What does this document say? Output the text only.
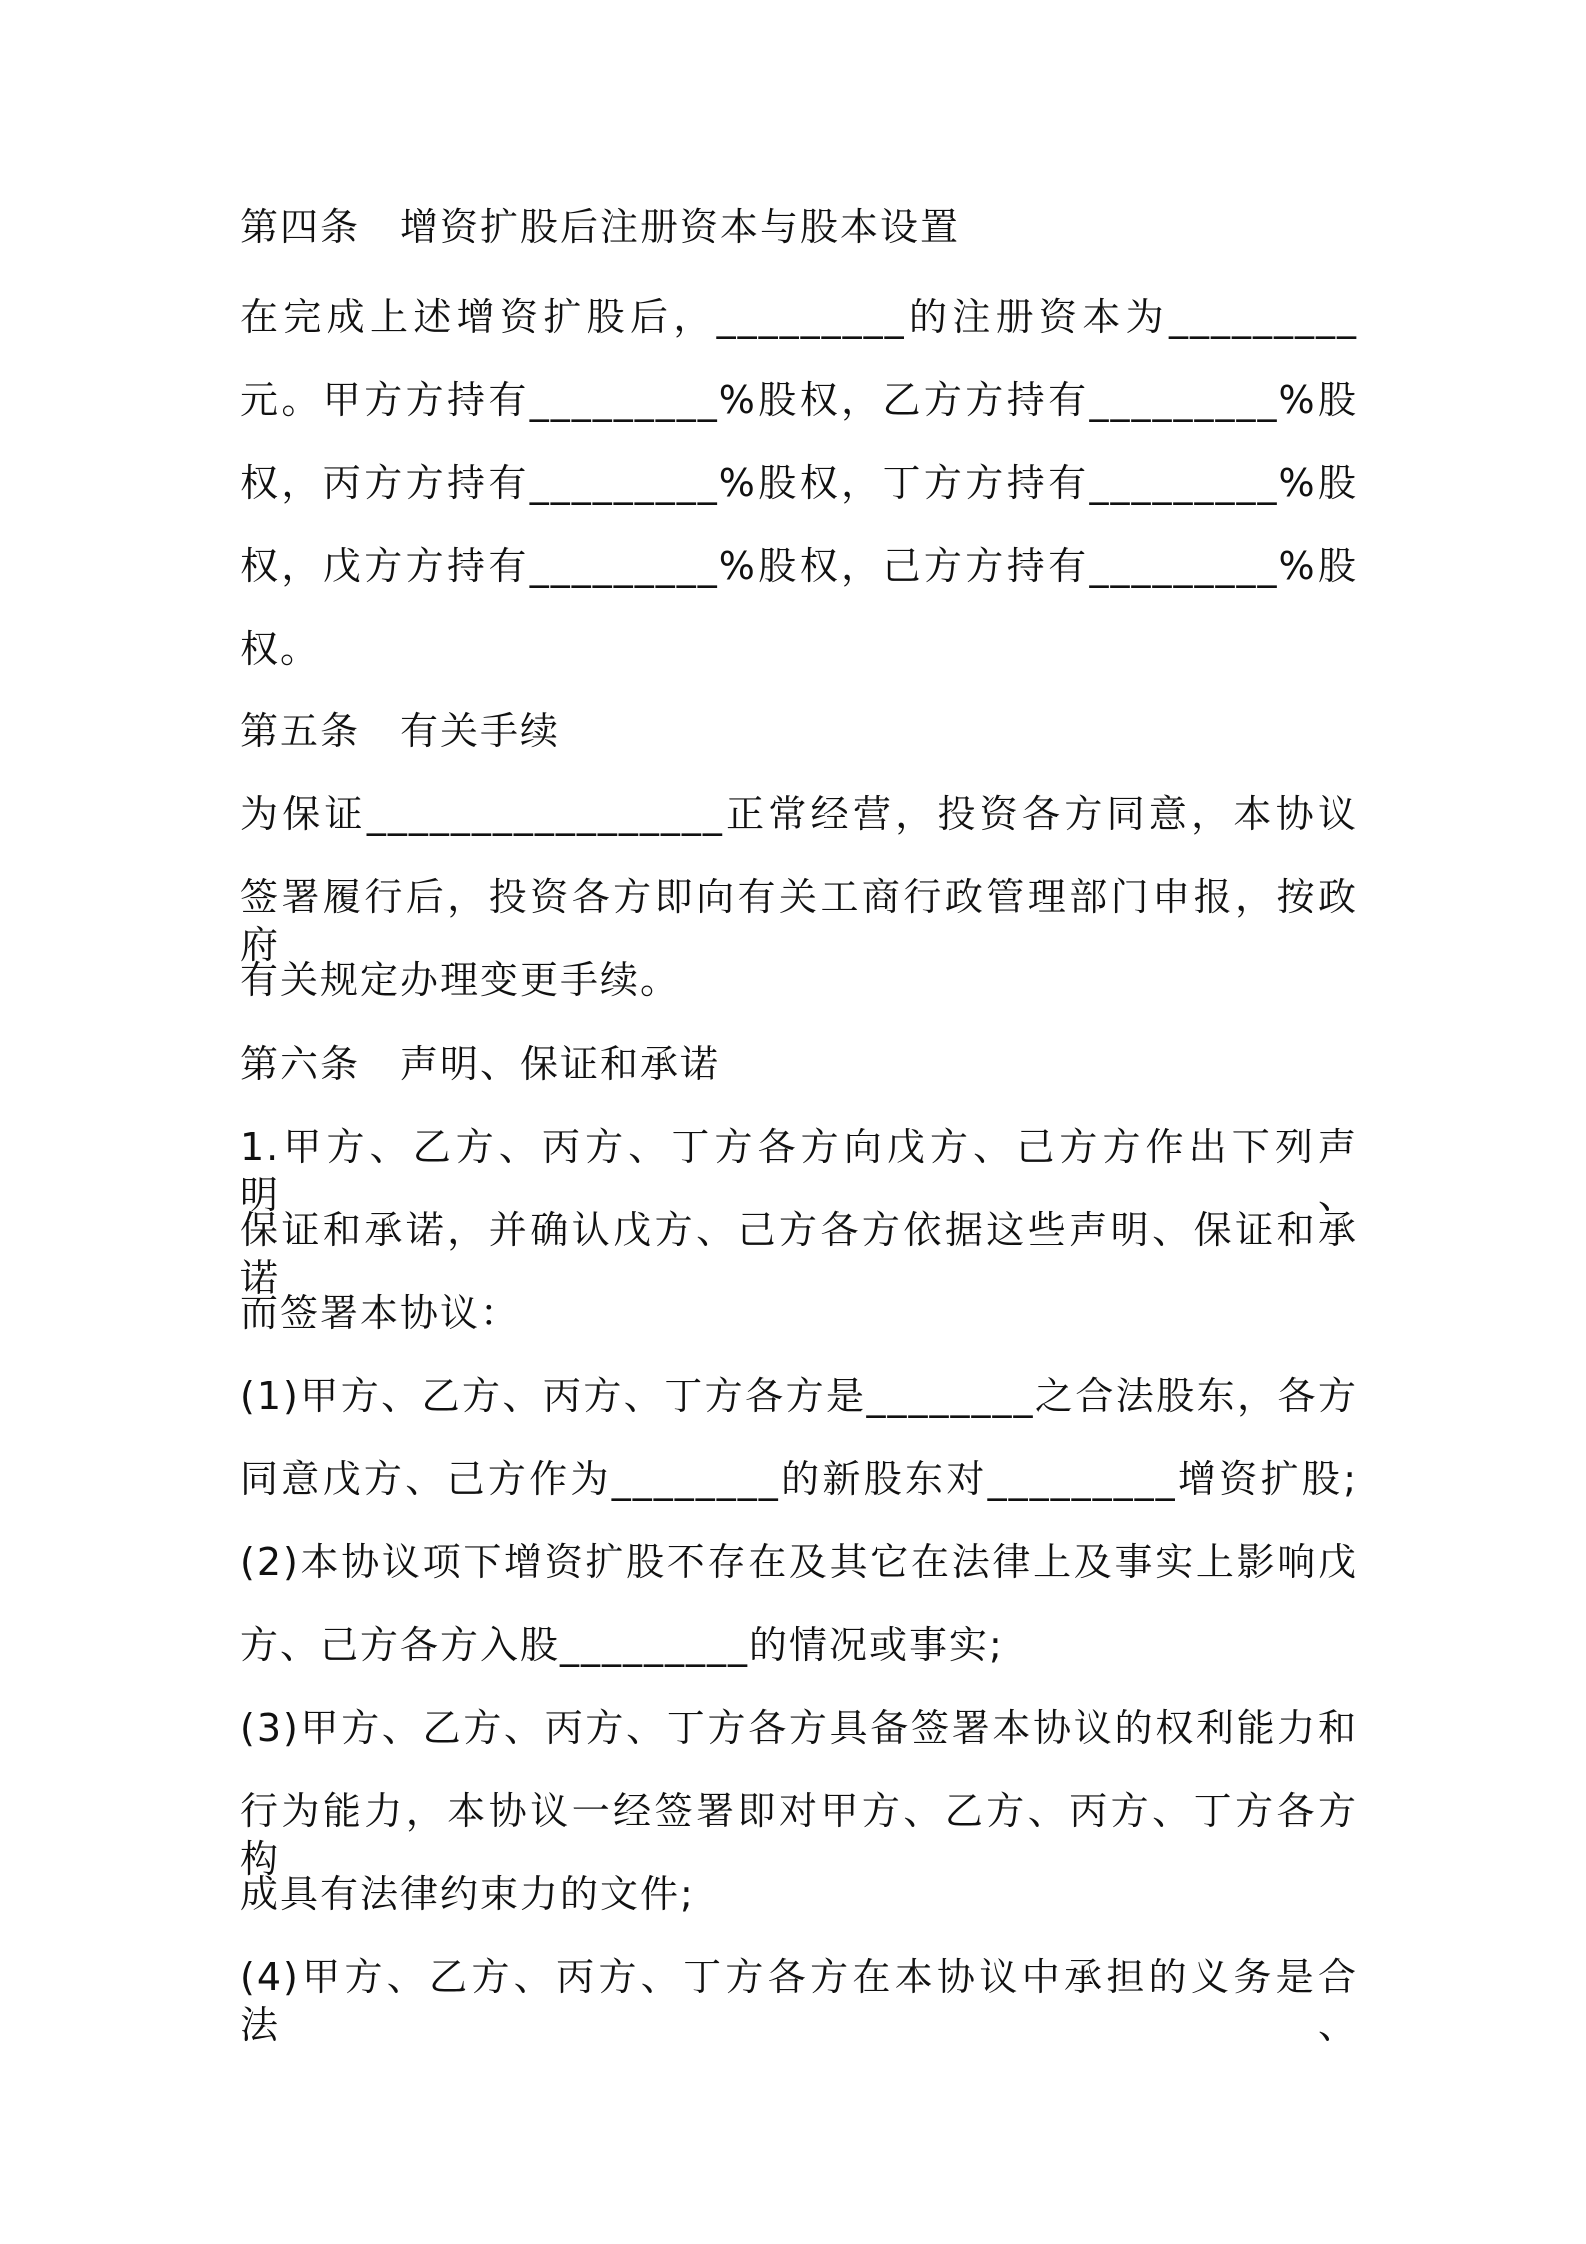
第四条　增资扩股后注册资本与股本设置
在完成上述增资扩股后，_________的注册资本为_________
元。甲方方持有_________%股权，乙方方持有_________%股
权，丙方方持有_________%股权，丁方方持有_________%股
权，戊方方持有_________%股权，己方方持有_________%股
权。
第五条　有关手续
为保证_________________正常经营，投资各方同意，本协议
签署履行后，投资各方即向有关工商行政管理部门申报，按政府
有关规定办理变更手续。
第六条　声明、保证和承诺
1.甲方、乙方、丙方、丁方各方向戊方、己方方作出下列声明、
保证和承诺，并确认戊方、己方各方依据这些声明、保证和承诺
而签署本协议：
(1)甲方、乙方、丙方、丁方各方是________之合法股东，各方
同意戊方、己方作为________的新股东对_________增资扩股;
(2)本协议项下增资扩股不存在及其它在法律上及事实上影响戊
方、己方各方入股_________的情况或事实;
(3)甲方、乙方、丙方、丁方各方具备签署本协议的权利能力和
行为能力，本协议一经签署即对甲方、乙方、丙方、丁方各方构
成具有法律约束力的文件;
(4)甲方、乙方、丙方、丁方各方在本协议中承担的义务是合法、
